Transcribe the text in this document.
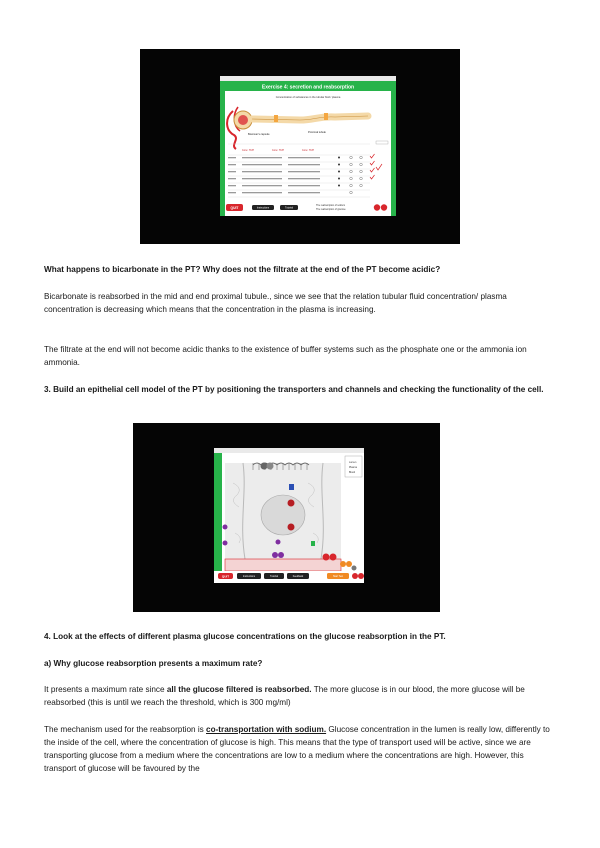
Exercise 4: secretion and reabsorption
Concentration of substances in the tubular fluid / plasma
Bowman's capsule
Proximal tubule
Conc. TF/P	Conc. TF/P	Conc. TF/P
The reabsorption of sodium
The reabsorption of glucose
QUIT	Instructions	Tutorial

What happens to bicarbonate in the PT? Why does not the filtrate at the end of the PT become acidic?

Bicarbonate is reabsorbed in the mid and end proximal tubule., since we see that the relation tubular fluid concentration/ plasma concentration is decreasing which means that the concentration in the plasma is increasing.

The filtrate at the end will not become acidic thanks to the existence of buffer systems such as the phosphate one or the ammonia ion ammonia.

3. Build an epithelial cell model of the PT by positioning the transporters and channels and checking the functionality of the cell.

Lumen
Plasma
Blood
QUIT	Instructions	Tutorial	Feedback	Start Test

4. Look at the effects of different plasma glucose concentrations on the glucose reabsorption in the PT.

a) Why glucose reabsorption presents a maximum rate?

It presents a maximum rate since all the glucose filtered is reabsorbed. The more glucose is in our blood, the more glucose will be reabsorbed (this is until we reach the threshold, which is 300 mg/ml)

The mechanism used for the reabsorption is co-transportation with sodium. Glucose concentration in the lumen is really low, differently to the inside of the cell, where the concentration of glucose is high. This means that the type of transport used will be active, since we are transporting glucose from a medium where the concentrations are low to a medium where the concentrations are high. However, this transport of glucose will be favoured by the
